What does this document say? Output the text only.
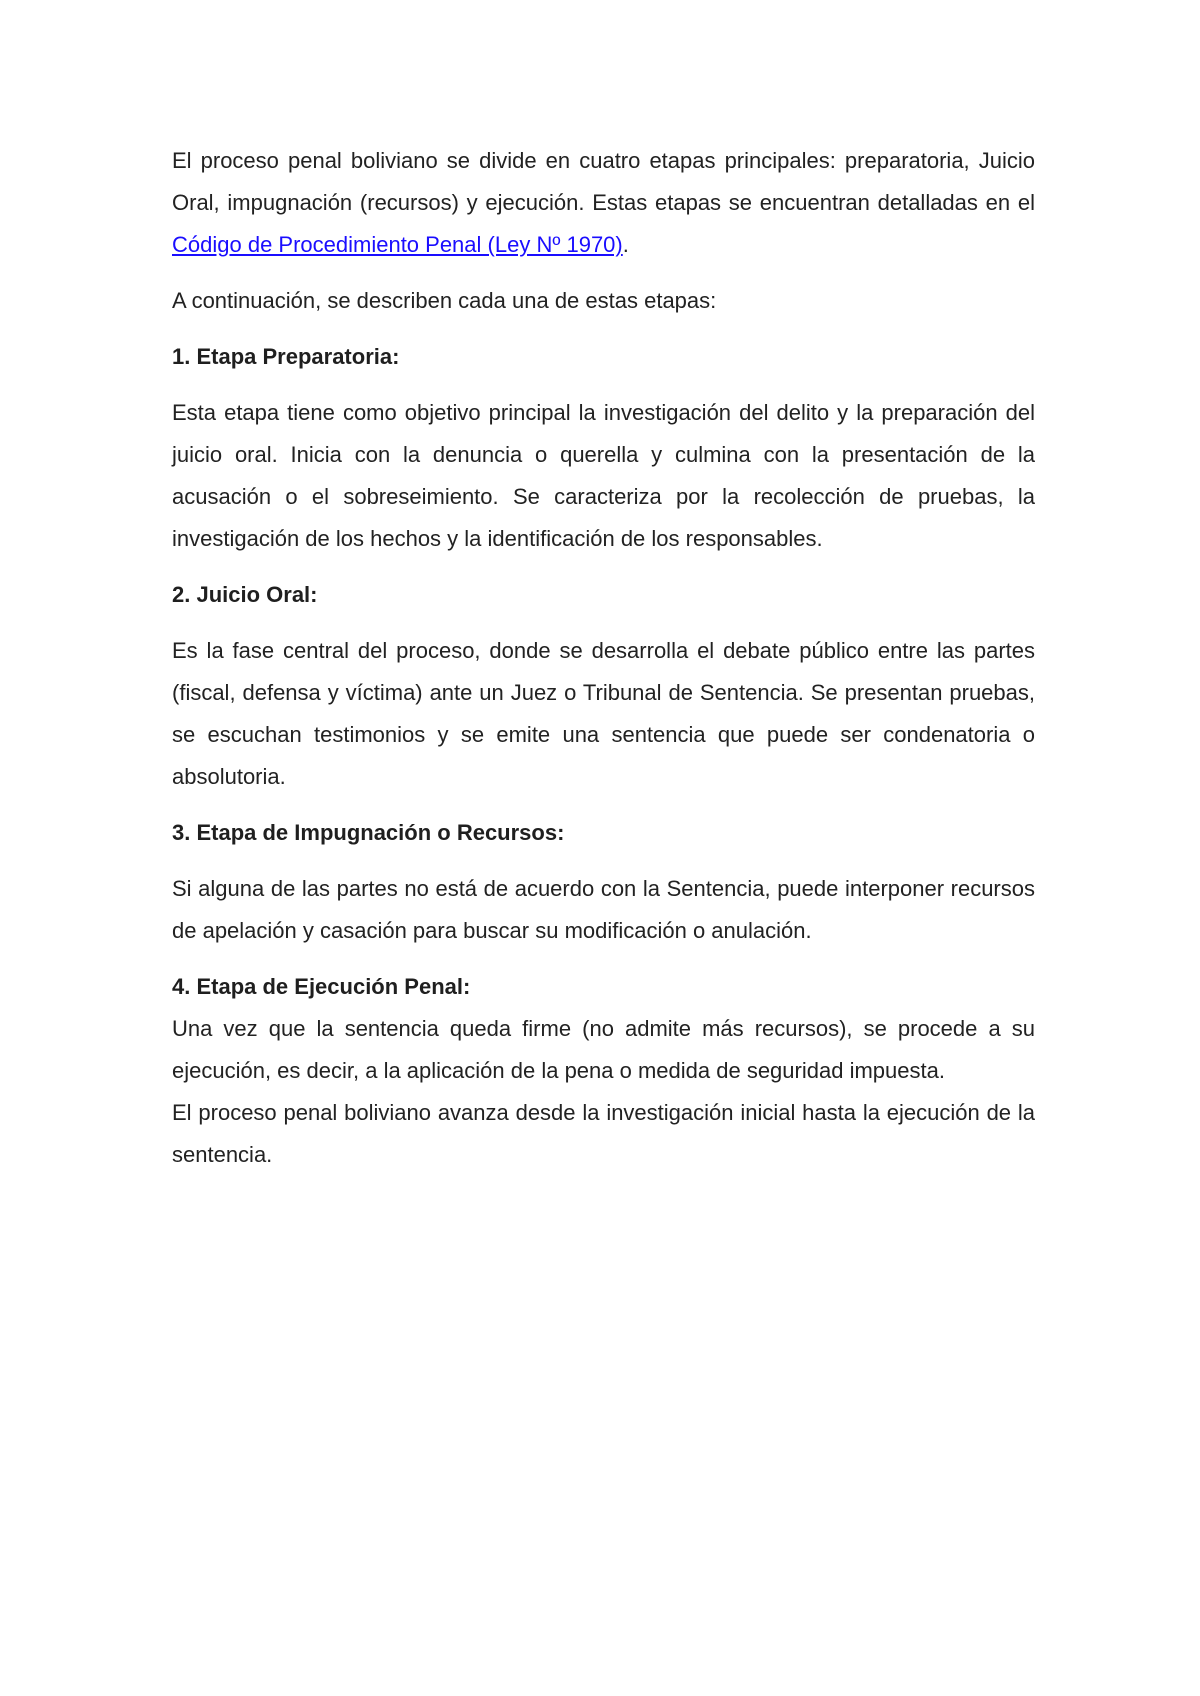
El proceso penal boliviano se divide en cuatro etapas principales: preparatoria, Juicio Oral, impugnación (recursos) y ejecución. Estas etapas se encuentran detalladas en el Código de Procedimiento Penal (Ley Nº 1970).

A continuación, se describen cada una de estas etapas:

1. Etapa Preparatoria:

Esta etapa tiene como objetivo principal la investigación del delito y la preparación del juicio oral. Inicia con la denuncia o querella y culmina con la presentación de la acusación o el sobreseimiento. Se caracteriza por la recolección de pruebas, la investigación de los hechos y la identificación de los responsables.

2. Juicio Oral:

Es la fase central del proceso, donde se desarrolla el debate público entre las partes (fiscal, defensa y víctima) ante un Juez o Tribunal de Sentencia. Se presentan pruebas, se escuchan testimonios y se emite una sentencia que puede ser condenatoria o absolutoria.

3. Etapa de Impugnación o Recursos:

Si alguna de las partes no está de acuerdo con la Sentencia, puede interponer recursos de apelación y casación para buscar su modificación o anulación.

4. Etapa de Ejecución Penal:

Una vez que la sentencia queda firme (no admite más recursos), se procede a su ejecución, es decir, a la aplicación de la pena o medida de seguridad impuesta.

El proceso penal boliviano avanza desde la investigación inicial hasta la ejecución de la sentencia.
